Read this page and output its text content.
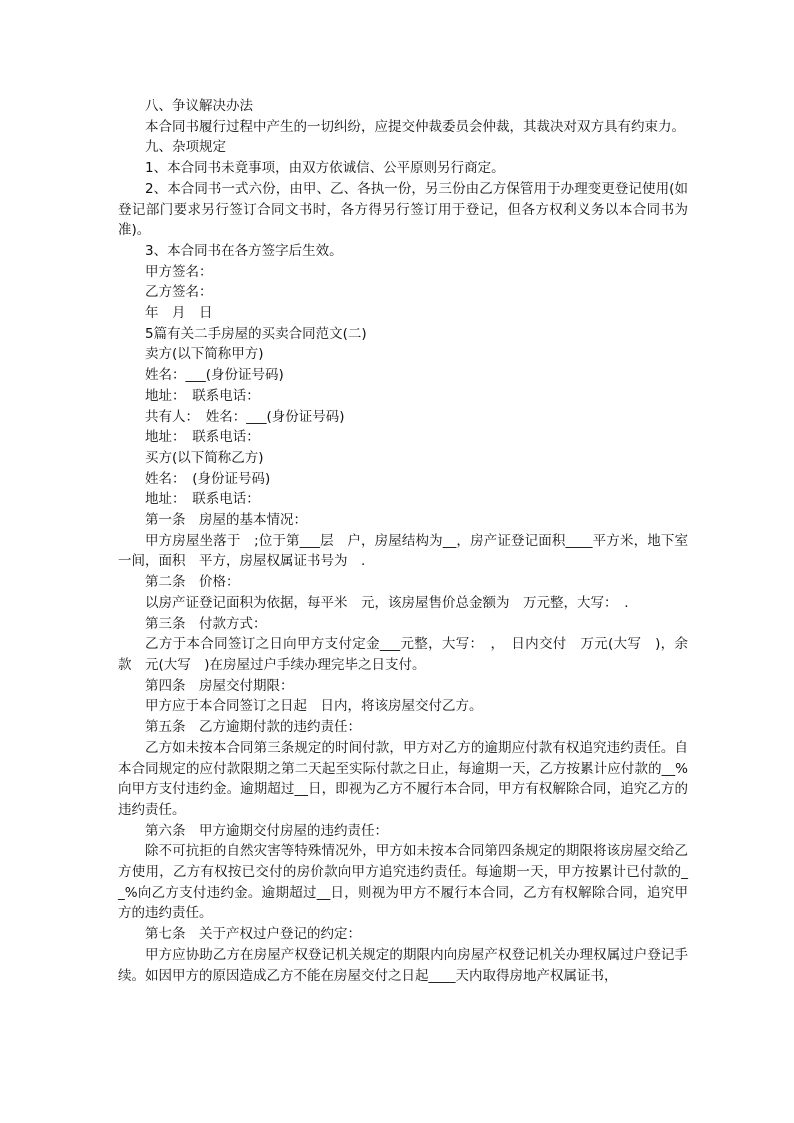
八、争议解决办法

本合同书履行过程中产生的一切纠纷，应提交仲裁委员会仲裁，其裁决对双方具有约束力。

九、杂项规定

1、本合同书未竟事项，由双方依诚信、公平原则另行商定。

2、本合同书一式六份，由甲、乙、各执一份，另三份由乙方保管用于办理变更登记使用(如登记部门要求另行签订合同文书时，各方得另行签订用于登记，但各方权利义务以本合同书为准)。

3、本合同书在各方签字后生效。

甲方签名：

乙方签名：

年　月　日

5篇有关二手房屋的买卖合同范文(二)

卖方(以下简称甲方)

姓名：___(身份证号码)

地址：　联系电话：

共有人：　姓名：___(身份证号码)

地址：　联系电话：

买方(以下简称乙方)

姓名：　(身份证号码)

地址：　联系电话：

第一条　房屋的基本情况：

甲方房屋坐落于　;位于第___层　户，房屋结构为__，房产证登记面积____平方米，地下室一间，面积　平方，房屋权属证书号为　.

第二条　价格：

以房产证登记面积为依据，每平米　元，该房屋售价总金额为　万元整，大写：　.

第三条　付款方式：

乙方于本合同签订之日向甲方支付定金___元整，大写：　，　日内交付　万元(大写　)，余款　元(大写　)在房屋过户手续办理完毕之日支付。

第四条　房屋交付期限：

甲方应于本合同签订之日起　日内，将该房屋交付乙方。

第五条　乙方逾期付款的违约责任：

乙方如未按本合同第三条规定的时间付款，甲方对乙方的逾期应付款有权追究违约责任。自本合同规定的应付款限期之第二天起至实际付款之日止，每逾期一天，乙方按累计应付款的__%向甲方支付违约金。逾期超过__日，即视为乙方不履行本合同，甲方有权解除合同，追究乙方的违约责任。

第六条　甲方逾期交付房屋的违约责任：

除不可抗拒的自然灾害等特殊情况外，甲方如未按本合同第四条规定的期限将该房屋交给乙方使用，乙方有权按已交付的房价款向甲方追究违约责任。每逾期一天，甲方按累计已付款的__%向乙方支付违约金。逾期超过__日，则视为甲方不履行本合同，乙方有权解除合同，追究甲方的违约责任。

第七条　关于产权过户登记的约定：

甲方应协助乙方在房屋产权登记机关规定的期限内向房屋产权登记机关办理权属过户登记手续。如因甲方的原因造成乙方不能在房屋交付之日起____天内取得房地产权属证书，
